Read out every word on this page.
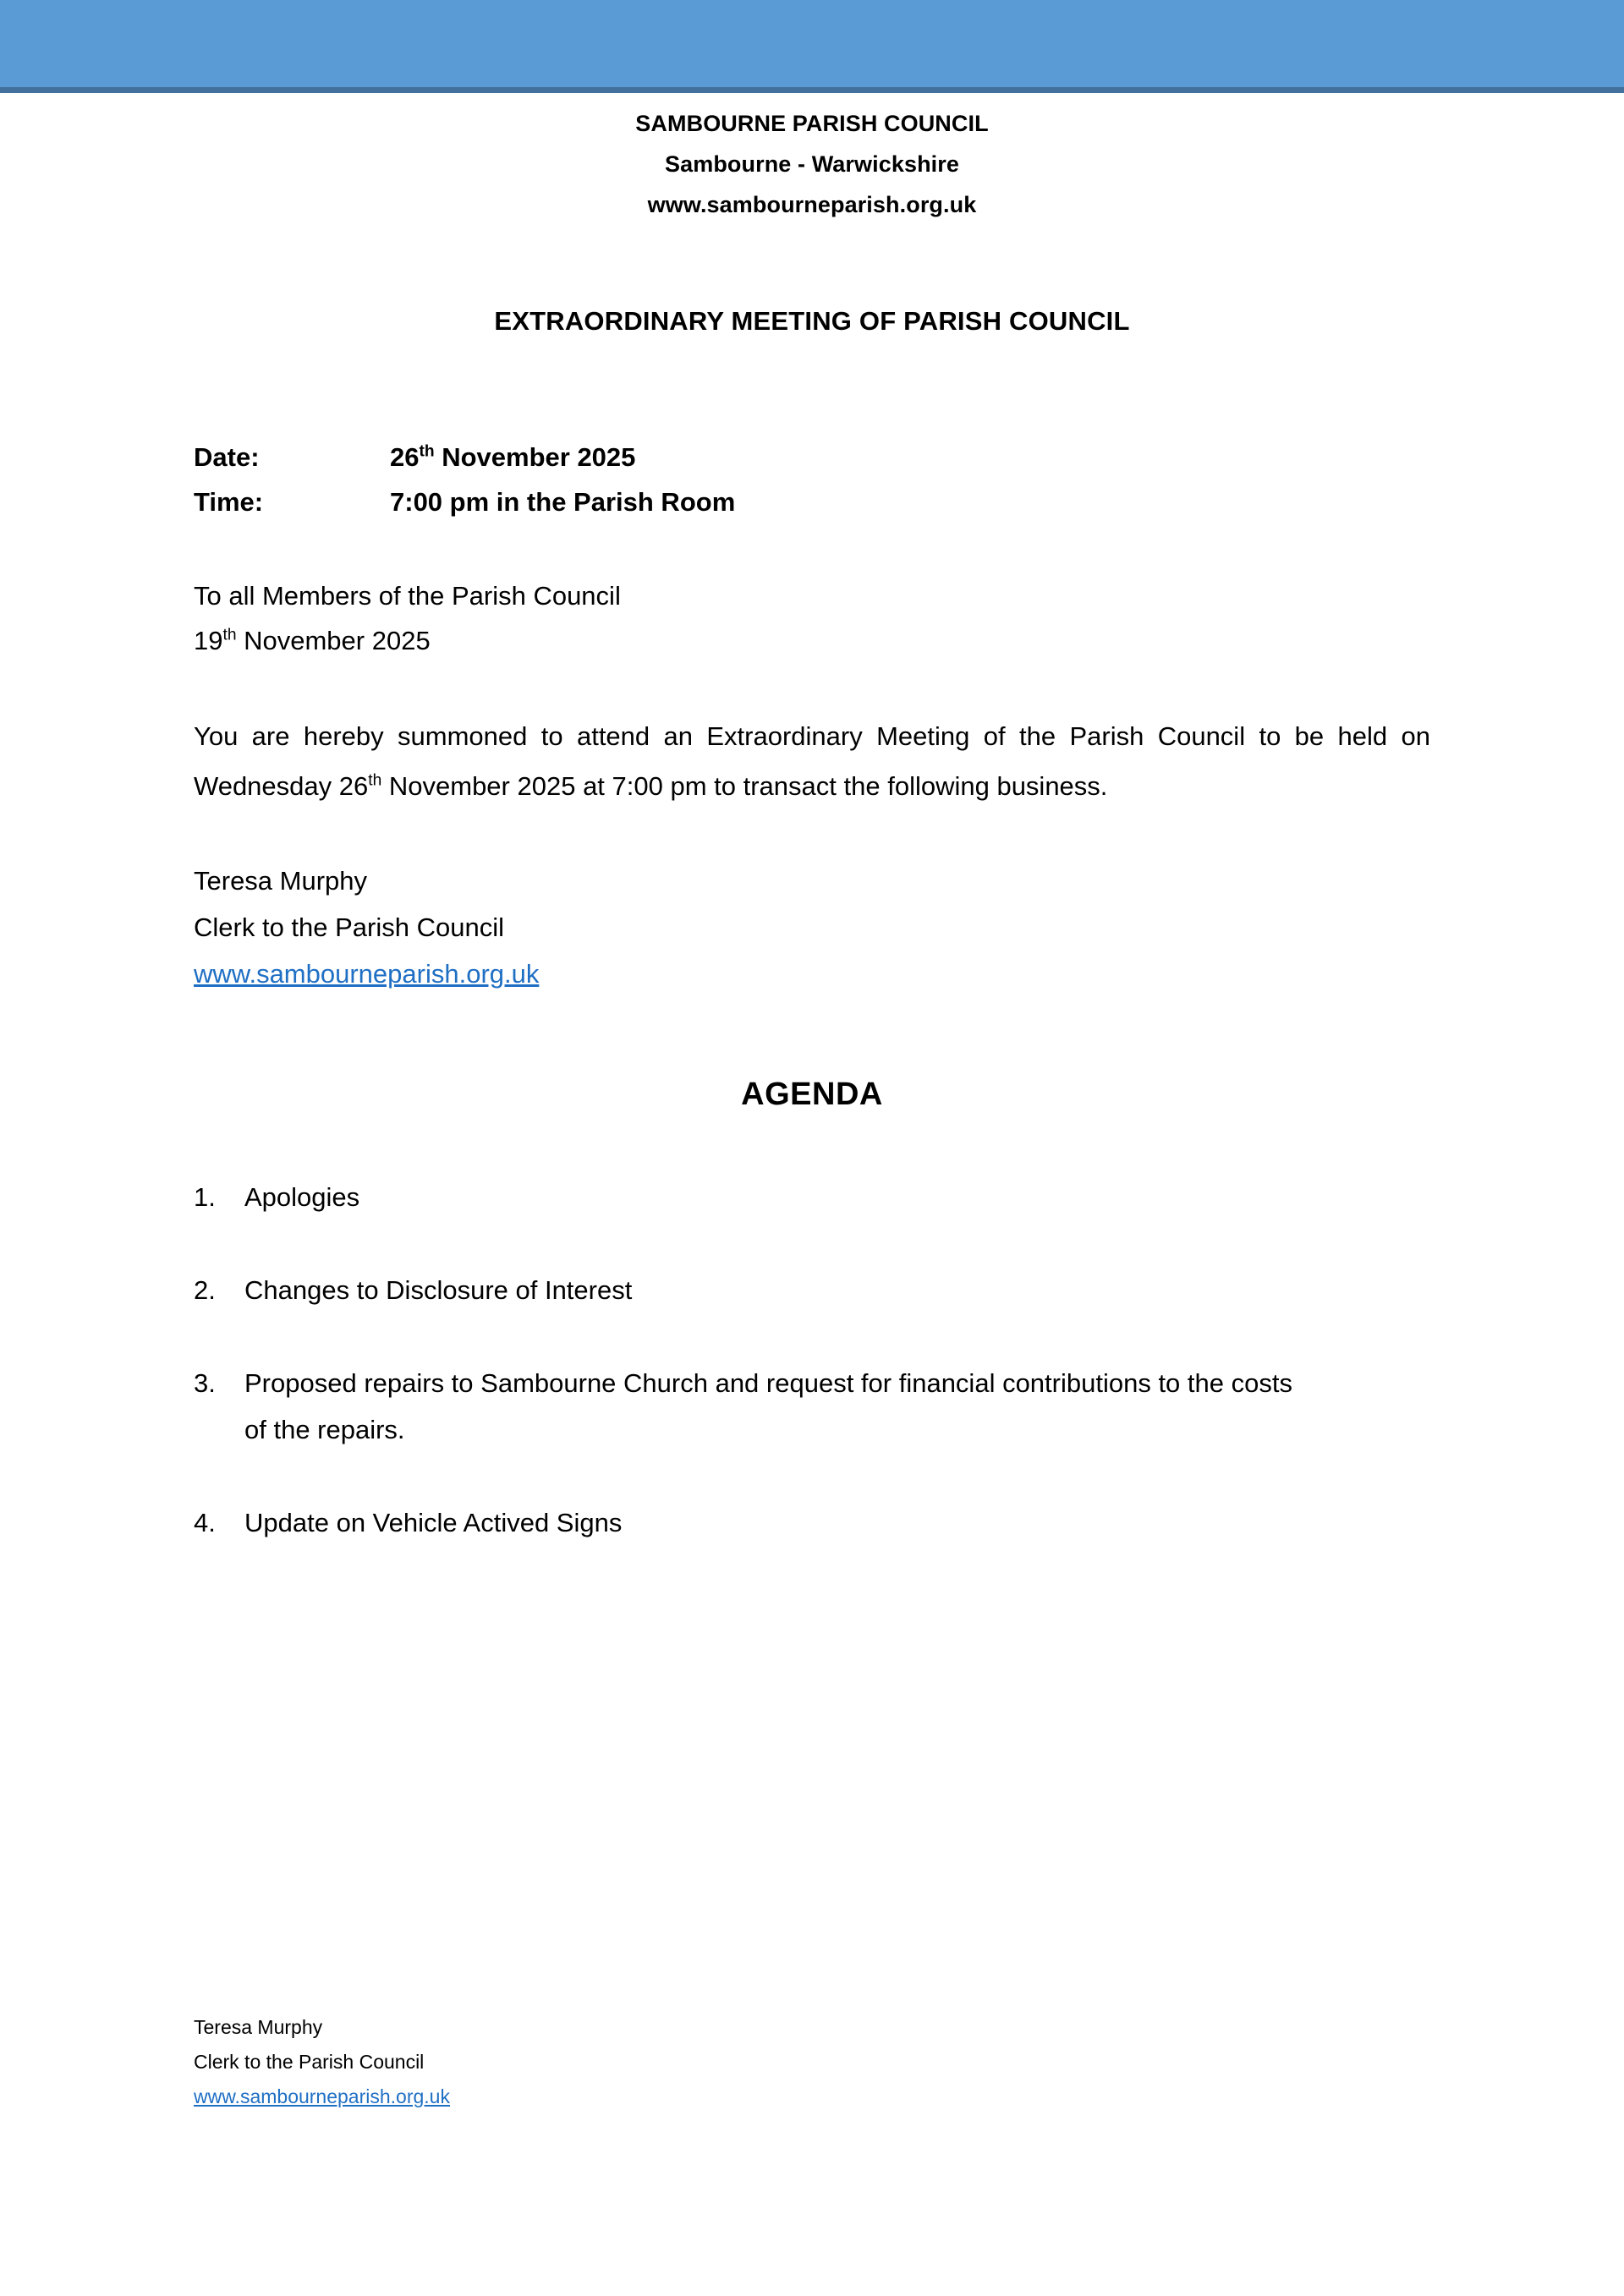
SAMBOURNE PARISH COUNCIL
Sambourne - Warwickshire
www.sambourneparish.org.uk
EXTRAORDINARY MEETING OF PARISH COUNCIL
Date:	26th November 2025
Time:	7:00 pm in the Parish Room
To all Members of the Parish Council
19th November 2025
You are hereby summoned to attend an Extraordinary Meeting of the Parish Council to be held on Wednesday 26th November 2025 at 7:00 pm to transact the following business.
Teresa Murphy
Clerk to the Parish Council
www.sambourneparish.org.uk
AGENDA
1.	Apologies
2.	Changes to Disclosure of Interest
3.	Proposed repairs to Sambourne Church and request for financial contributions to the costs of the repairs.
4.	Update on Vehicle Actived Signs
Teresa Murphy
Clerk to the Parish Council
www.sambourneparish.org.uk
